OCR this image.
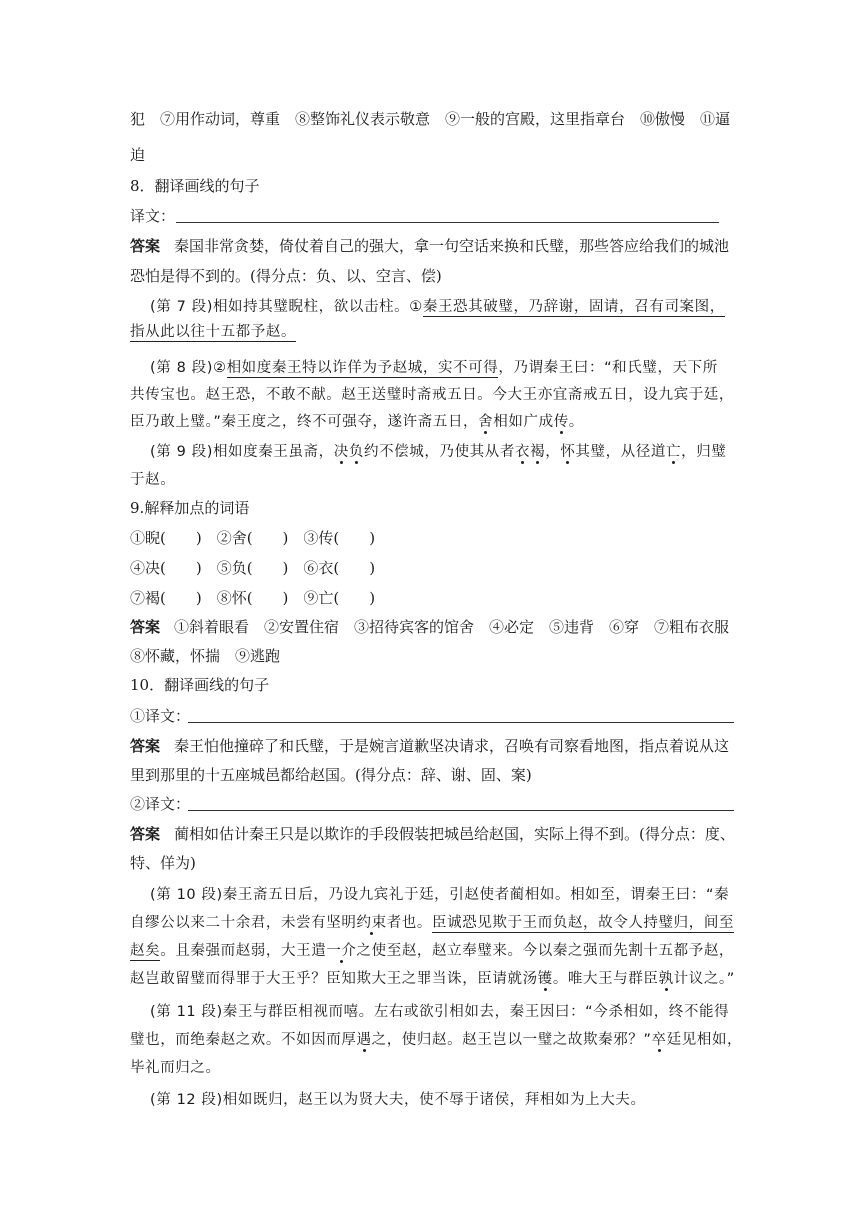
犯　⑦用作动词，尊重　⑧整饰礼仪表示敬意　⑨一般的宫殿，这里指章台　⑩傲慢　⑪逼
迫
8．翻译画线的句子
译文：
答案 秦国非常贪婪，倚仗着自己的强大，拿一句空话来换和氏璧，那些答应给我们的城池
恐怕是得不到的。(得分点：负、以、空言、偿)
(第 7 段)相如持其璧睨柱，欲以击柱。①秦王恐其破璧，乃辞谢，固请，召有司案图，
指从此以往十五都予赵。
(第 8 段)②相如度秦王特以诈佯为予赵城，实不可得，乃谓秦王曰：“和氏璧，天下所
共传宝也。赵王恐，不敢不献。赵王送璧时斋戒五日。今大王亦宜斋戒五日，设九宾于廷，
臣乃敢上璧。”秦王度之，终不可强夺，遂许斋五日，舍相如广成传。
(第 9 段)相如度秦王虽斋，决负约不偿城，乃使其从者衣褐，怀其璧，从径道亡，归璧
于赵。
9.解释加点的词语
①睨(　　)　②舍(　　)　③传(　　)
④决(　　)　⑤负(　　)　⑥衣(　　)
⑦褐(　　)　⑧怀(　　)　⑨亡(　　)
答案 ①斜着眼看　②安置住宿　③招待宾客的馆舍　④必定　⑤违背　⑥穿　⑦粗布衣服
⑧怀藏，怀揣　⑨逃跑
10．翻译画线的句子
①译文：
答案 秦王怕他撞碎了和氏璧，于是婉言道歉坚决请求，召唤有司察看地图，指点着说从这
里到那里的十五座城邑都给赵国。(得分点：辞、谢、固、案)
②译文：
答案 蔺相如估计秦王只是以欺诈的手段假装把城邑给赵国，实际上得不到。(得分点：度、
特、佯为)
(第 10 段)秦王斋五日后，乃设九宾礼于廷，引赵使者蔺相如。相如至，谓秦王曰：“秦
自缪公以来二十余君，未尝有坚明约束者也。臣诚恐见欺于王而负赵，故令人持璧归，间至
赵矣。且秦强而赵弱，大王遣一介之使至赵，赵立奉璧来。今以秦之强而先割十五都予赵，
赵岂敢留璧而得罪于大王乎？臣知欺大王之罪当诛，臣请就汤镬。唯大王与群臣孰计议之。”
(第 11 段)秦王与群臣相视而嘻。左右或欲引相如去，秦王因曰：“今杀相如，终不能得
璧也，而绝秦赵之欢。不如因而厚遇之，使归赵。赵王岂以一璧之故欺秦邪？”卒廷见相如，
毕礼而归之。
(第 12 段)相如既归，赵王以为贤大夫，使不辱于诸侯，拜相如为上大夫。
